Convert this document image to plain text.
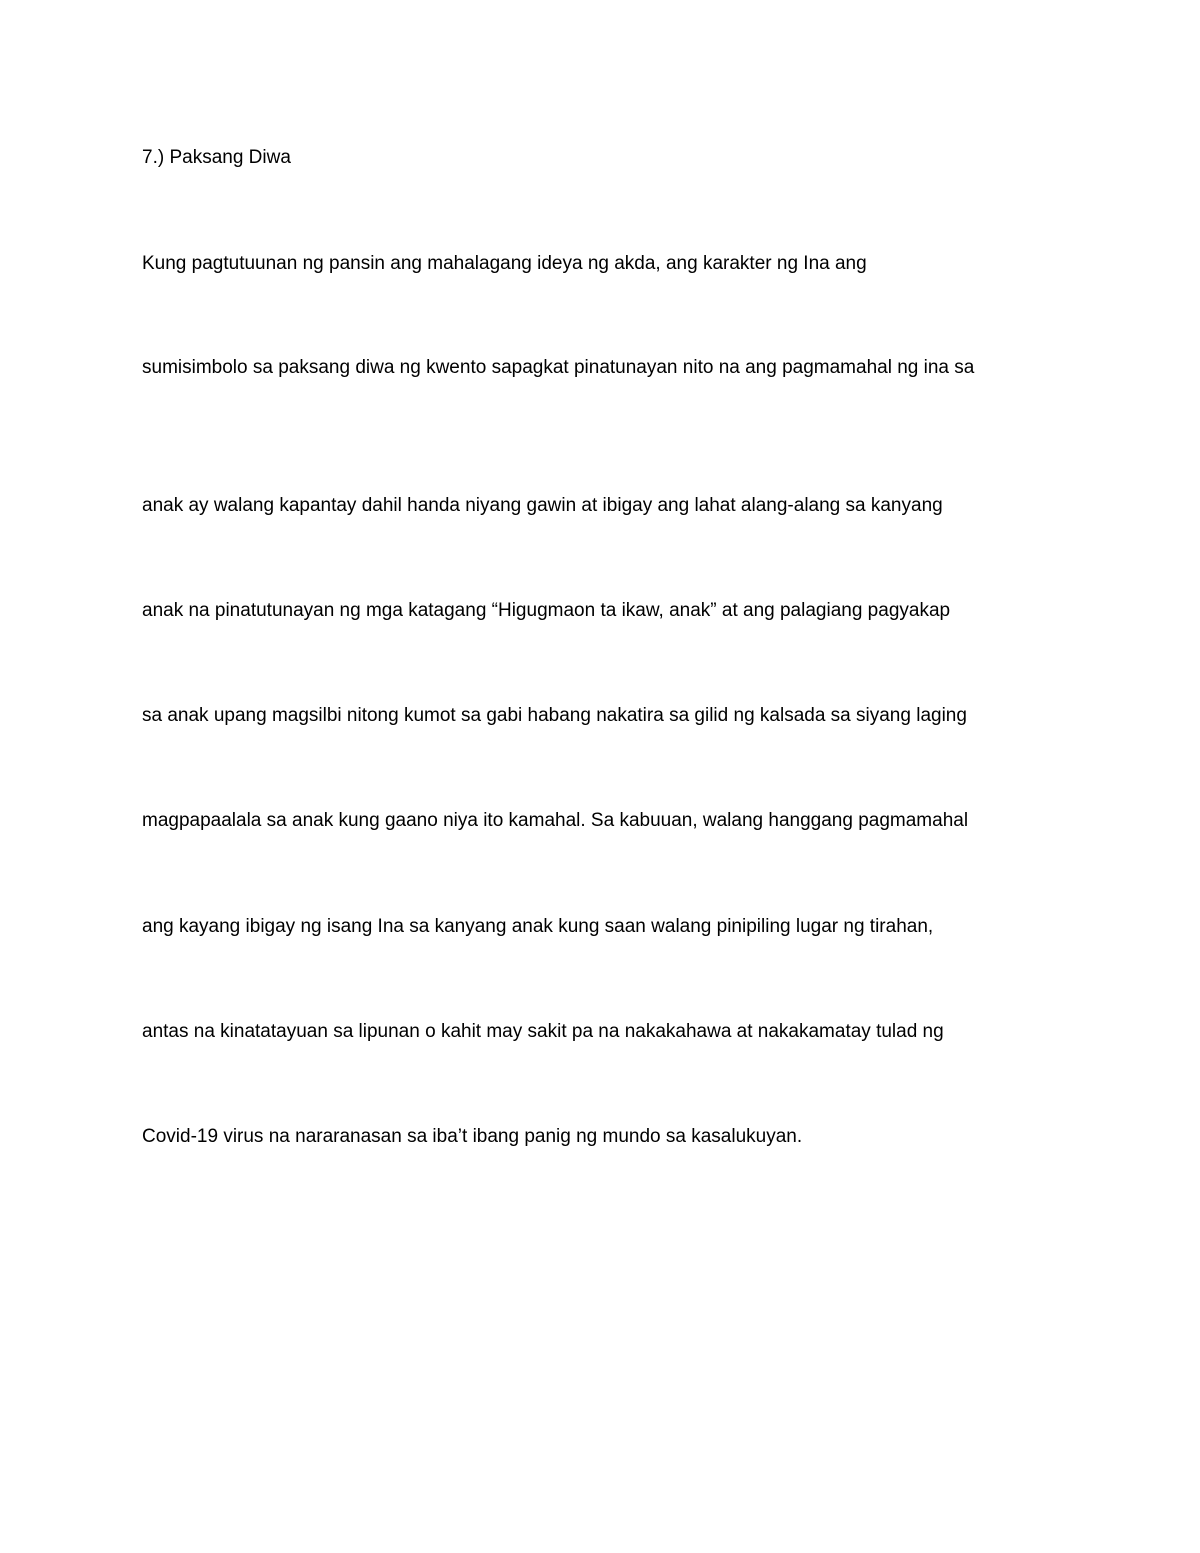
7.) Paksang Diwa
Kung pagtutuunan ng pansin ang mahalagang ideya ng akda, ang karakter ng Ina ang
sumisimbolo sa paksang diwa ng kwento sapagkat pinatunayan nito na ang pagmamahal ng ina sa
anak ay walang kapantay dahil handa niyang gawin at ibigay ang lahat alang-alang sa kanyang
anak na pinatutunayan ng mga katagang “Higugmaon ta ikaw, anak” at ang palagiang pagyakap
sa anak upang magsilbi nitong kumot sa gabi habang nakatira sa gilid ng kalsada sa siyang laging
magpapaalala sa anak kung gaano niya ito kamahal. Sa kabuuan, walang hanggang pagmamahal
ang kayang ibigay ng isang Ina sa kanyang anak kung saan walang pinipiling lugar ng tirahan,
antas na kinatatayuan sa lipunan o kahit may sakit pa na nakakahawa at nakakamatay tulad ng
Covid-19 virus na nararanasan sa iba’t ibang panig ng mundo sa kasalukuyan.
